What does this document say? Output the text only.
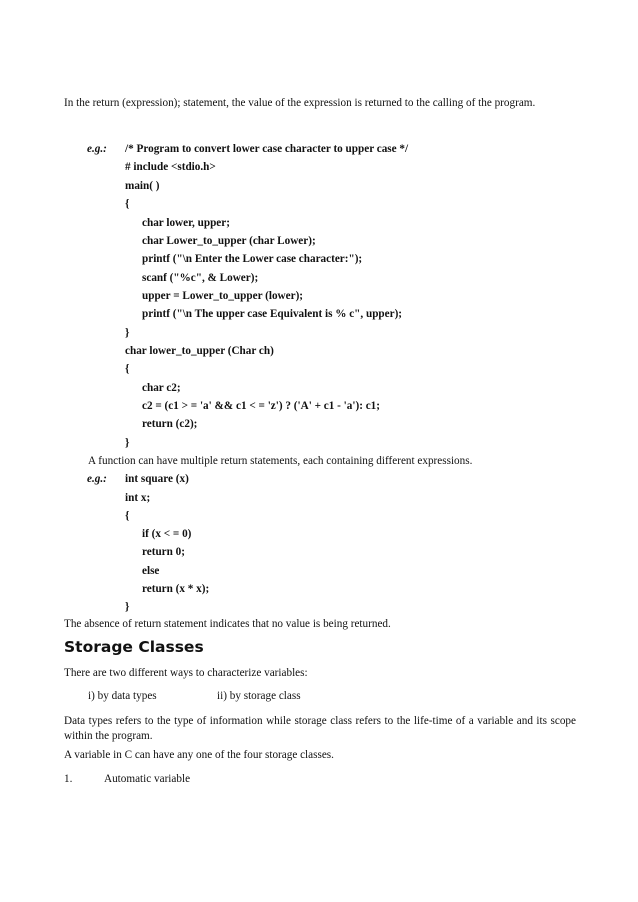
In the return (expression); statement, the value of the expression is returned to the calling of the program.

e.g.: /* Program to convert lower case character to upper case */
# include <stdio.h>
main( )
{
char lower, upper;
char Lower_to_upper (char Lower);
printf ("\n Enter the Lower case character:");
scanf ("%c", & Lower);
upper = Lower_to_upper (lower);
printf ("\n The upper case Equivalent is % c", upper);
}
char lower_to_upper (Char ch)
{
char c2;
c2 = (c1 > = 'a' && c1 < = 'z') ? ('A' + c1 - 'a'): c1;
return (c2);
}

A function can have multiple return statements, each containing different expressions.

e.g.: int square (x)
int x;
{
if (x < = 0)
return 0;
else
return (x * x);
}

The absence of return statement indicates that no value is being returned.

Storage Classes

There are two different ways to characterize variables:

i) by data types	ii) by storage class

Data types refers to the type of information while storage class refers to the life-time of a variable and its scope within the program.

A variable in C can have any one of the four storage classes.

1.	Automatic variable
